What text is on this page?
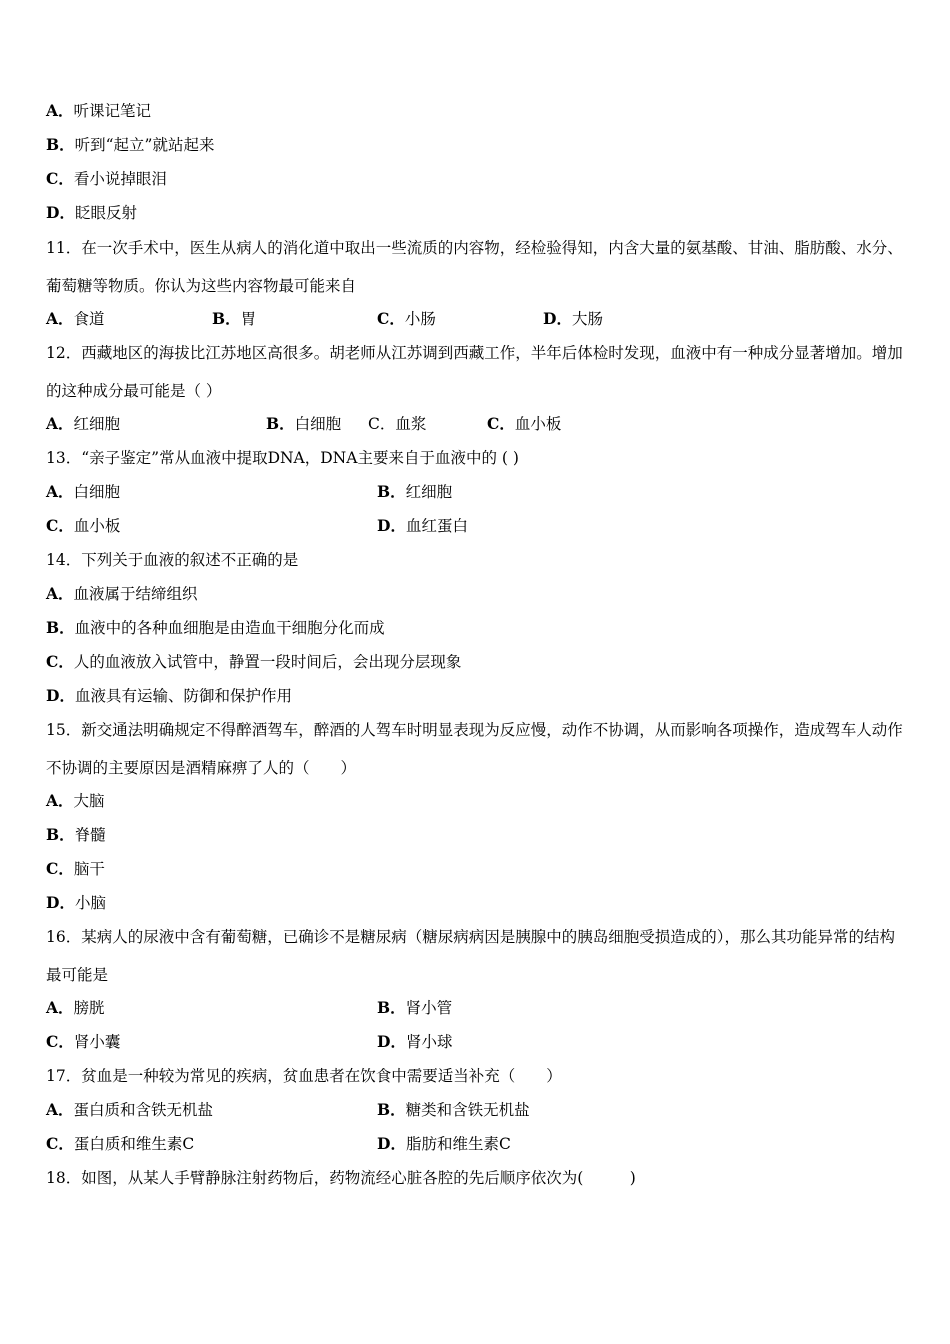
A．听课记笔记
B．听到“起立”就站起来
C．看小说掉眼泪
D．眨眼反射
11．在一次手术中，医生从病人的消化道中取出一些流质的内容物，经检验得知，内含大量的氨基酸、甘油、脂肪酸、水分、葡萄糖等物质。你认为这些内容物最可能来自
A．食道	B．胃	C．小肠	D．大肠
12．西藏地区的海拔比江苏地区高很多。胡老师从江苏调到西藏工作，半年后体检时发现，血液中有一种成分显著增加。增加的这种成分最可能是（ ）
A．红细胞	B．白细胞 C．血浆	C．血小板
13．“亲子鉴定”常从血液中提取DNA，DNA主要来自于血液中的 ( )
A．白细胞	B．红细胞
C．血小板	D．血红蛋白
14．下列关于血液的叙述不正确的是
A．血液属于结缔组织
B．血液中的各种血细胞是由造血干细胞分化而成
C．人的血液放入试管中，静置一段时间后，会出现分层现象
D．血液具有运输、防御和保护作用
15．新交通法明确规定不得醉酒驾车，醉酒的人驾车时明显表现为反应慢，动作不协调，从而影响各项操作，造成驾车人动作不协调的主要原因是酒精麻痹了人的（　　）
A．大脑
B．脊髓
C．脑干
D．小脑
16．某病人的尿液中含有葡萄糖，已确诊不是糖尿病（糖尿病病因是胰腺中的胰岛细胞受损造成的），那么其功能异常的结构最可能是
A．膀胱	B．肾小管
C．肾小囊	D．肾小球
17．贫血是一种较为常见的疾病，贫血患者在饮食中需要适当补充（　　）
A．蛋白质和含铁无机盐	B．糖类和含铁无机盐
C．蛋白质和维生素C	D．脂肪和维生素C
18．如图，从某人手臂静脉注射药物后，药物流经心脏各腔的先后顺序依次为(　　　)
